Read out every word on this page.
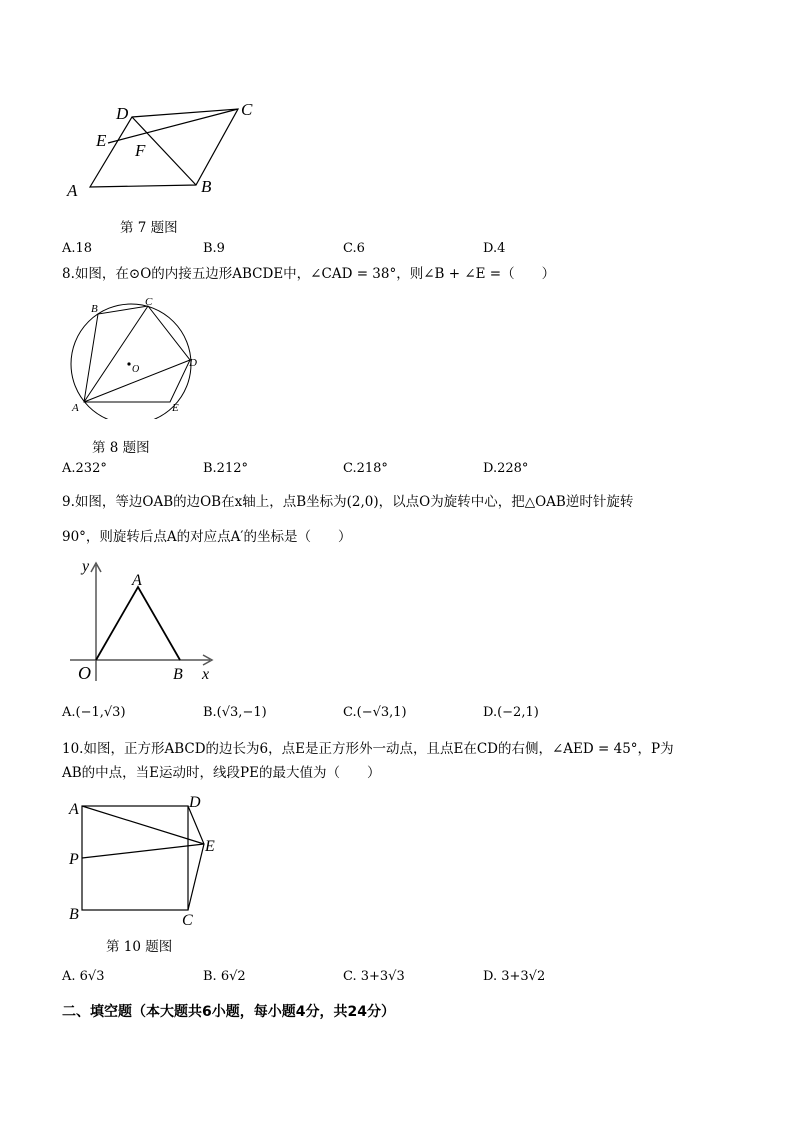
D	C
E
F
A	B
第 7 题图
A.18	B.9	C.6	D.4
8.如图，在⊙O的内接五边形ABCDE中，∠CAD = 38°，则∠B + ∠E =（　　）
A
B
C
D
E
O
第 8 题图
A.232°	B.212°	C.218°	D.228°
9.如图，等边OAB的边OB在x轴上，点B坐标为(2,0)，以点O为旋转中心，把△OAB逆时针旋转
90°，则旋转后点A的对应点A′的坐标是（　　）
y
x
O
A
B
A.(−1,√3)	B.(√3,−1)	C.(−√3,1)	D.(−2,1)
10.如图，正方形ABCD的边长为6，点E是正方形外一动点，且点E在CD的右侧，∠AED = 45°，P为
AB的中点，当E运动时，线段PE的最大值为（　　）
A	D
P
E
B	C
第 10 题图
A. 6√3	B. 6√2	C. 3+3√3	D. 3+3√2
二、填空题（本大题共6小题，每小题4分，共24分）
